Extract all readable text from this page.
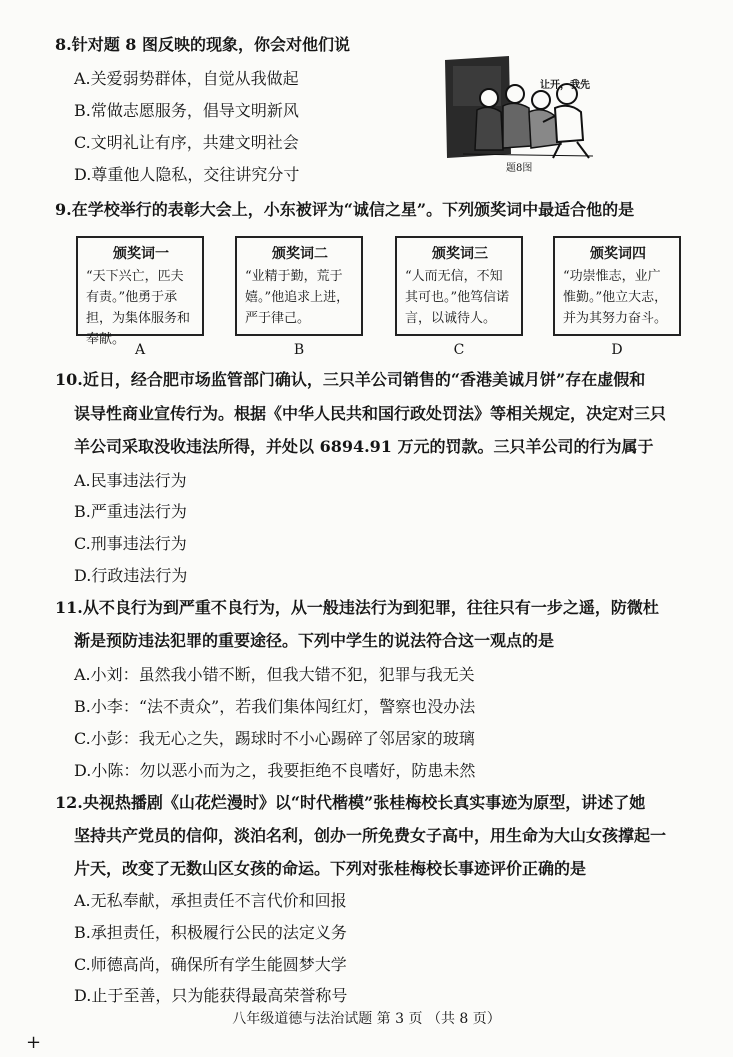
8.针对题 8 图反映的现象，你会对他们说
A.关爱弱势群体，自觉从我做起
B.常做志愿服务，倡导文明新风
C.文明礼让有序，共建文明社会
D.尊重他人隐私，交往讲究分寸
让开，我先
题8图
9.在学校举行的表彰大会上，小东被评为“诚信之星”。下列颁奖词中最适合他的是
颁奖词一
“天下兴亡，匹夫有责。”他勇于承担，为集体服务和奉献。
颁奖词二
“业精于勤，荒于嬉。”他追求上进，严于律己。
颁奖词三
“人而无信，不知其可也。”他笃信诺言，以诚待人。
颁奖词四
“功崇惟志，业广惟勤。”他立大志，并为其努力奋斗。
A	B	C	D
10.近日，经合肥市场监管部门确认，三只羊公司销售的“香港美诚月饼”存在虚假和
误导性商业宣传行为。根据《中华人民共和国行政处罚法》等相关规定，决定对三只
羊公司采取没收违法所得，并处以 6894.91 万元的罚款。三只羊公司的行为属于
A.民事违法行为
B.严重违法行为
C.刑事违法行为
D.行政违法行为
11.从不良行为到严重不良行为，从一般违法行为到犯罪，往往只有一步之遥，防微杜
渐是预防违法犯罪的重要途径。下列中学生的说法符合这一观点的是
A.小刘：虽然我小错不断，但我大错不犯，犯罪与我无关
B.小李：“法不责众”，若我们集体闯红灯，警察也没办法
C.小彭：我无心之失，踢球时不小心踢碎了邻居家的玻璃
D.小陈：勿以恶小而为之，我要拒绝不良嗜好，防患未然
12.央视热播剧《山花烂漫时》以“时代楷模”张桂梅校长真实事迹为原型，讲述了她
坚持共产党员的信仰，淡泊名利，创办一所免费女子高中，用生命为大山女孩撑起一
片天，改变了无数山区女孩的命运。下列对张桂梅校长事迹评价正确的是
A.无私奉献，承担责任不言代价和回报
B.承担责任，积极履行公民的法定义务
C.师德高尚，确保所有学生能圆梦大学
D.止于至善，只为能获得最高荣誉称号
八年级道德与法治试题 第 3 页 （共 8 页）
+
